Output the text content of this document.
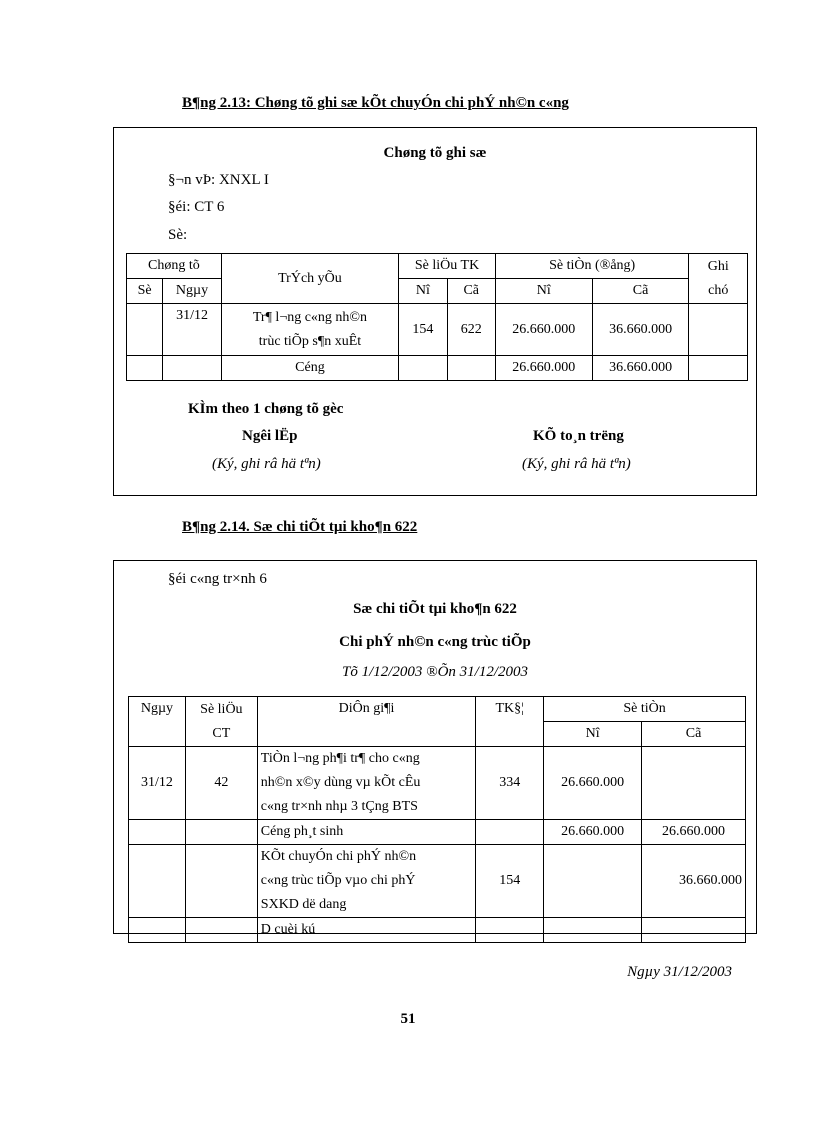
B¶ng 2.13: Chøng tõ ghi sæ kÕt chuyÓn chi phÝ nh©n c«ng
Chøng tõ ghi sæ
§¬n vÞ: XNXL I
§éi: CT 6
Sè:
Chøng tõ		TrÝch yÕu	Sè liÖu TK		Sè tiÒn (®ång)		Ghi chó
Sè	Ngµy		Nî	Cã	Nî	Cã	
	31/12	Tr¶ l¬ng c«ng nh©n
trùc tiÕp s¶n xuÊt	154	622	26.660.000	36.660.000	
		Céng			26.660.000	36.660.000	
KÌm theo 1 chøng tõ gèc
Ngêi lËp	KÕ to¸n trëng
(Ký, ghi râ hä tªn)	(Ký, ghi râ hä tªn)
B¶ng 2.14. Sæ chi tiÕt tµi kho¶n 622
§éi c«ng tr×nh 6
Sæ chi tiÕt tµi kho¶n 622
Chi phÝ nh©n c«ng trùc tiÕp
Tõ 1/12/2003 ®Õn 31/12/2003
Ngµy	Sè liÖu
CT	DiÔn gi¶i	TK§¦	Sè tiÒn	
				Nî	Cã
31/12	42	TiÒn l¬ng ph¶i tr¶ cho c«ng
nh©n x©y dùng vµ kÕt cÊu
c«ng tr×nh nhµ 3 tÇng BTS	334	26.660.000	
		Céng ph¸t sinh		26.660.000	26.660.000

		KÕt chuyÓn chi phÝ nh©n
c«ng trùc tiÕp vµo chi phÝ
SXKD dë dang	154		36.660.000
		D cuèi kú			
Ngµy 31/12/2003
51
